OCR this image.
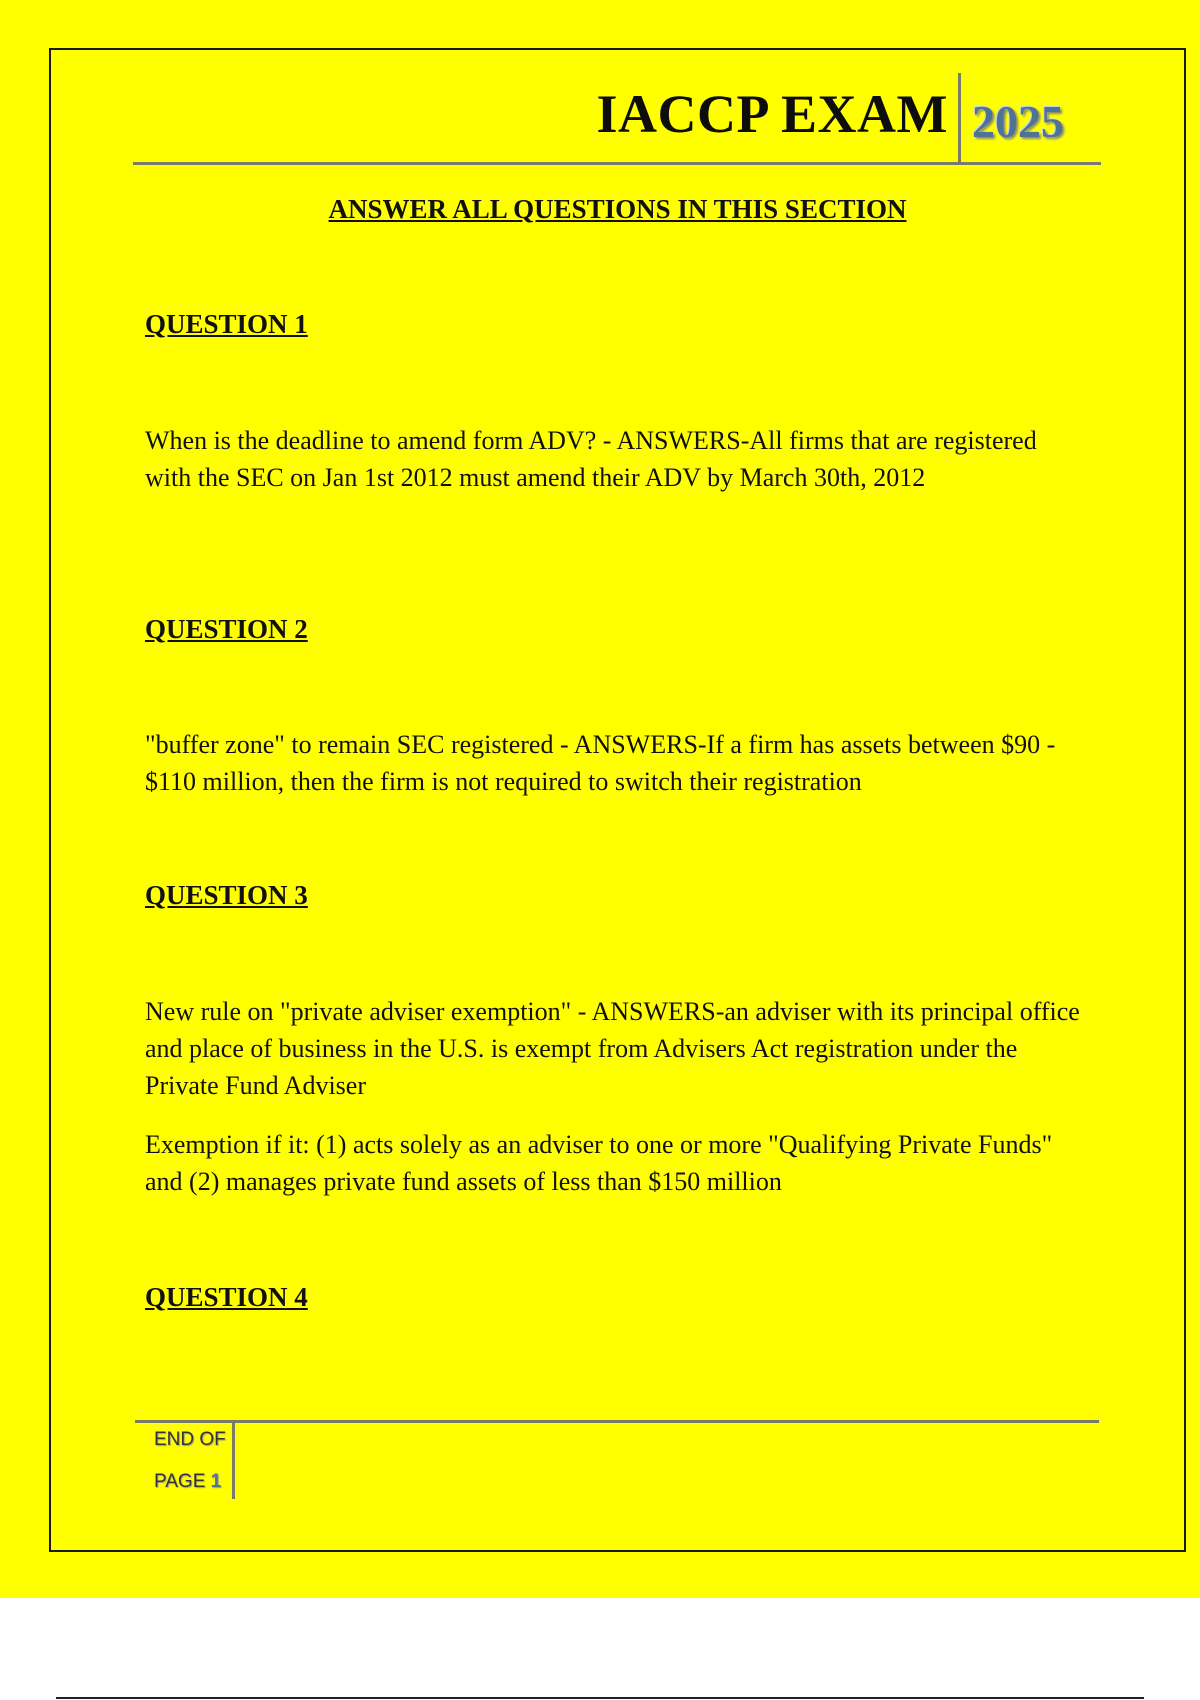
IACCP EXAM 2025
ANSWER ALL QUESTIONS IN THIS SECTION
QUESTION 1

When is the deadline to amend form ADV? - ANSWERS-All firms that are registered with the SEC on Jan 1st 2012 must amend their ADV by March 30th, 2012

QUESTION 2

"buffer zone" to remain SEC registered - ANSWERS-If a firm has assets between $90 - $110 million, then the firm is not required to switch their registration

QUESTION 3

New rule on "private adviser exemption" - ANSWERS-an adviser with its principal office and place of business in the U.S. is exempt from Advisers Act registration under the Private Fund Adviser

Exemption if it: (1) acts solely as an adviser to one or more "Qualifying Private Funds" and (2) manages private fund assets of less than $150 million

QUESTION 4
END OF
PAGE 1
